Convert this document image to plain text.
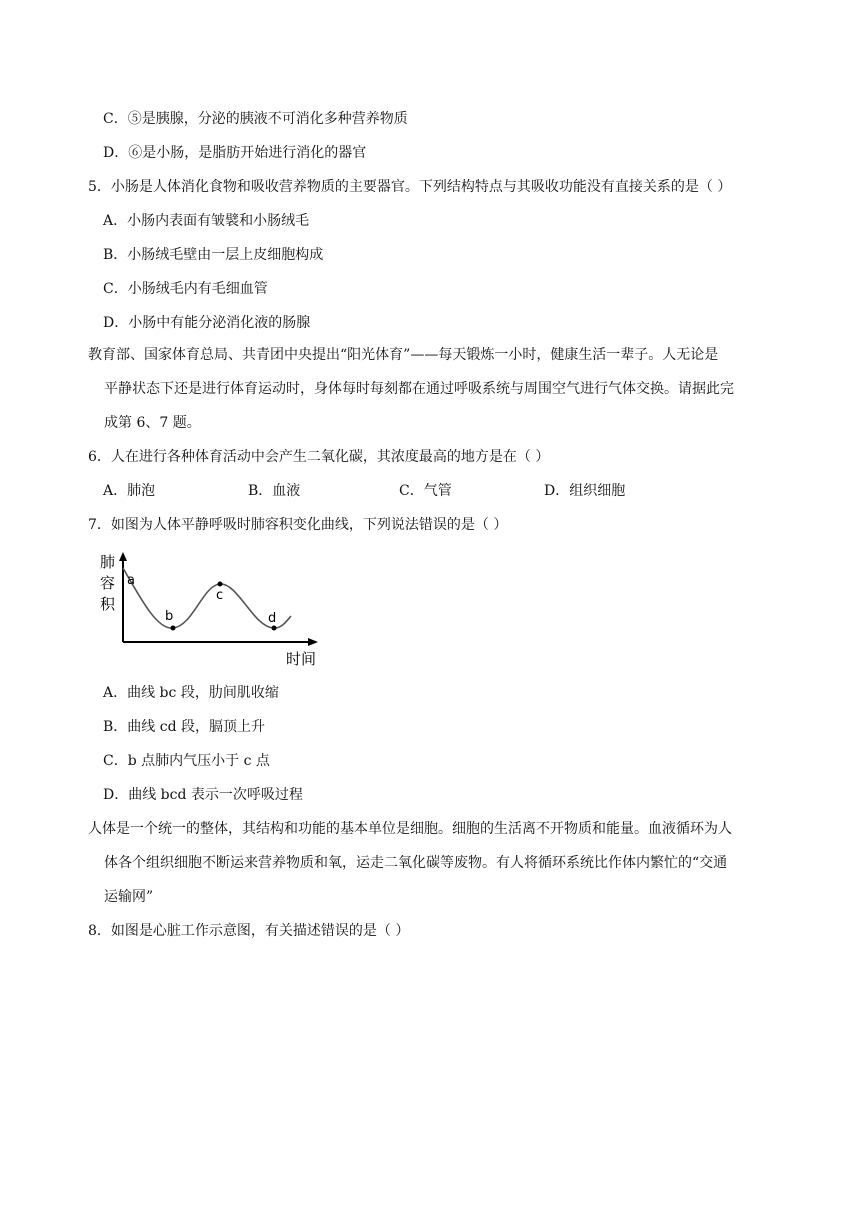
C．⑤是胰腺，分泌的胰液不可消化多种营养物质
D．⑥是小肠，是脂肪开始进行消化的器官
5．小肠是人体消化食物和吸收营养物质的主要器官。下列结构特点与其吸收功能没有直接关系的是（ ）
A．小肠内表面有皱襞和小肠绒毛
B．小肠绒毛壁由一层上皮细胞构成
C．小肠绒毛内有毛细血管
D．小肠中有能分泌消化液的肠腺
教育部、国家体育总局、共青团中央提出“阳光体育”——每天锻炼一小时，健康生活一辈子。人无论是
平静状态下还是进行体育运动时，身体每时每刻都在通过呼吸系统与周围空气进行气体交换。请据此完
成第 6、7 题。
6．人在进行各种体育活动中会产生二氧化碳，其浓度最高的地方是在（ ）
A．肺泡	B．血液	C．气管	D．组织细胞
7．如图为人体平静呼吸时肺容积变化曲线，下列说法错误的是（ ）
肺
容
积
时间
a
b
c
d
A．曲线 bc 段，肋间肌收缩
B．曲线 cd 段，膈顶上升
C．b 点肺内气压小于 c 点
D．曲线 bcd 表示一次呼吸过程
人体是一个统一的整体，其结构和功能的基本单位是细胞。细胞的生活离不开物质和能量。血液循环为人
体各个组织细胞不断运来营养物质和氧，运走二氧化碳等废物。有人将循环系统比作体内繁忙的“交通
运输网”
8．如图是心脏工作示意图，有关描述错误的是（ ）
